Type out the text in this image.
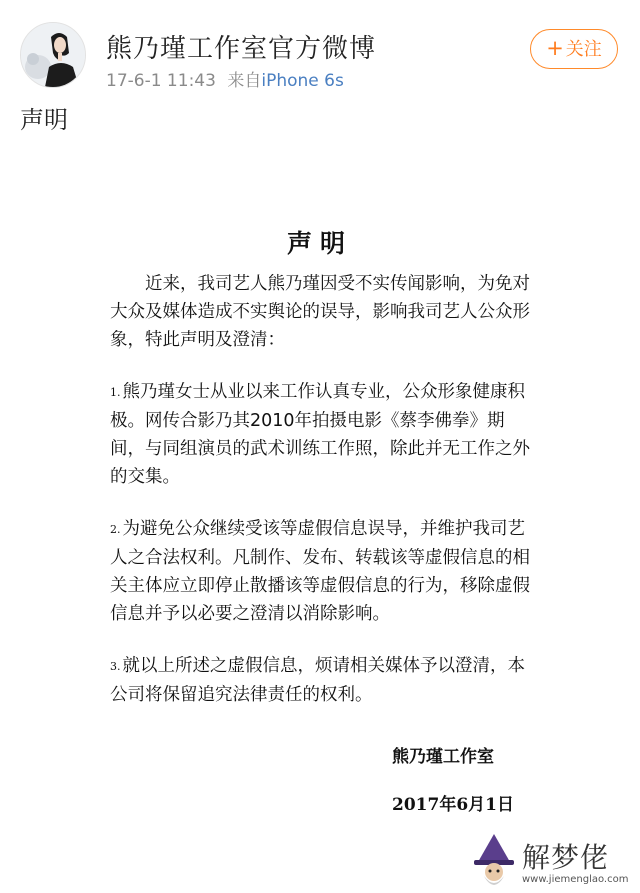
熊乃瑾工作室官方微博
17-6-1 11:43 来自iPhone 6s
+ 关注
声明
声明

近来，我司艺人熊乃瑾因受不实传闻影响，为免对大众及媒体造成不实舆论的误导，影响我司艺人公众形象，特此声明及澄清：

1. 熊乃瑾女士从业以来工作认真专业，公众形象健康积极。网传合影乃其2010年拍摄电影《蔡李佛拳》期间，与同组演员的武术训练工作照，除此并无工作之外的交集。

2. 为避免公众继续受该等虚假信息误导，并维护我司艺人之合法权利。凡制作、发布、转载该等虚假信息的相关主体应立即停止散播该等虚假信息的行为，移除虚假信息并予以必要之澄清以消除影响。

3. 就以上所述之虚假信息，烦请相关媒体予以澄清，本公司将保留追究法律责任的权利。

熊乃瑾工作室
2017年6月1日
解梦佬
www.jiemenglao.com
